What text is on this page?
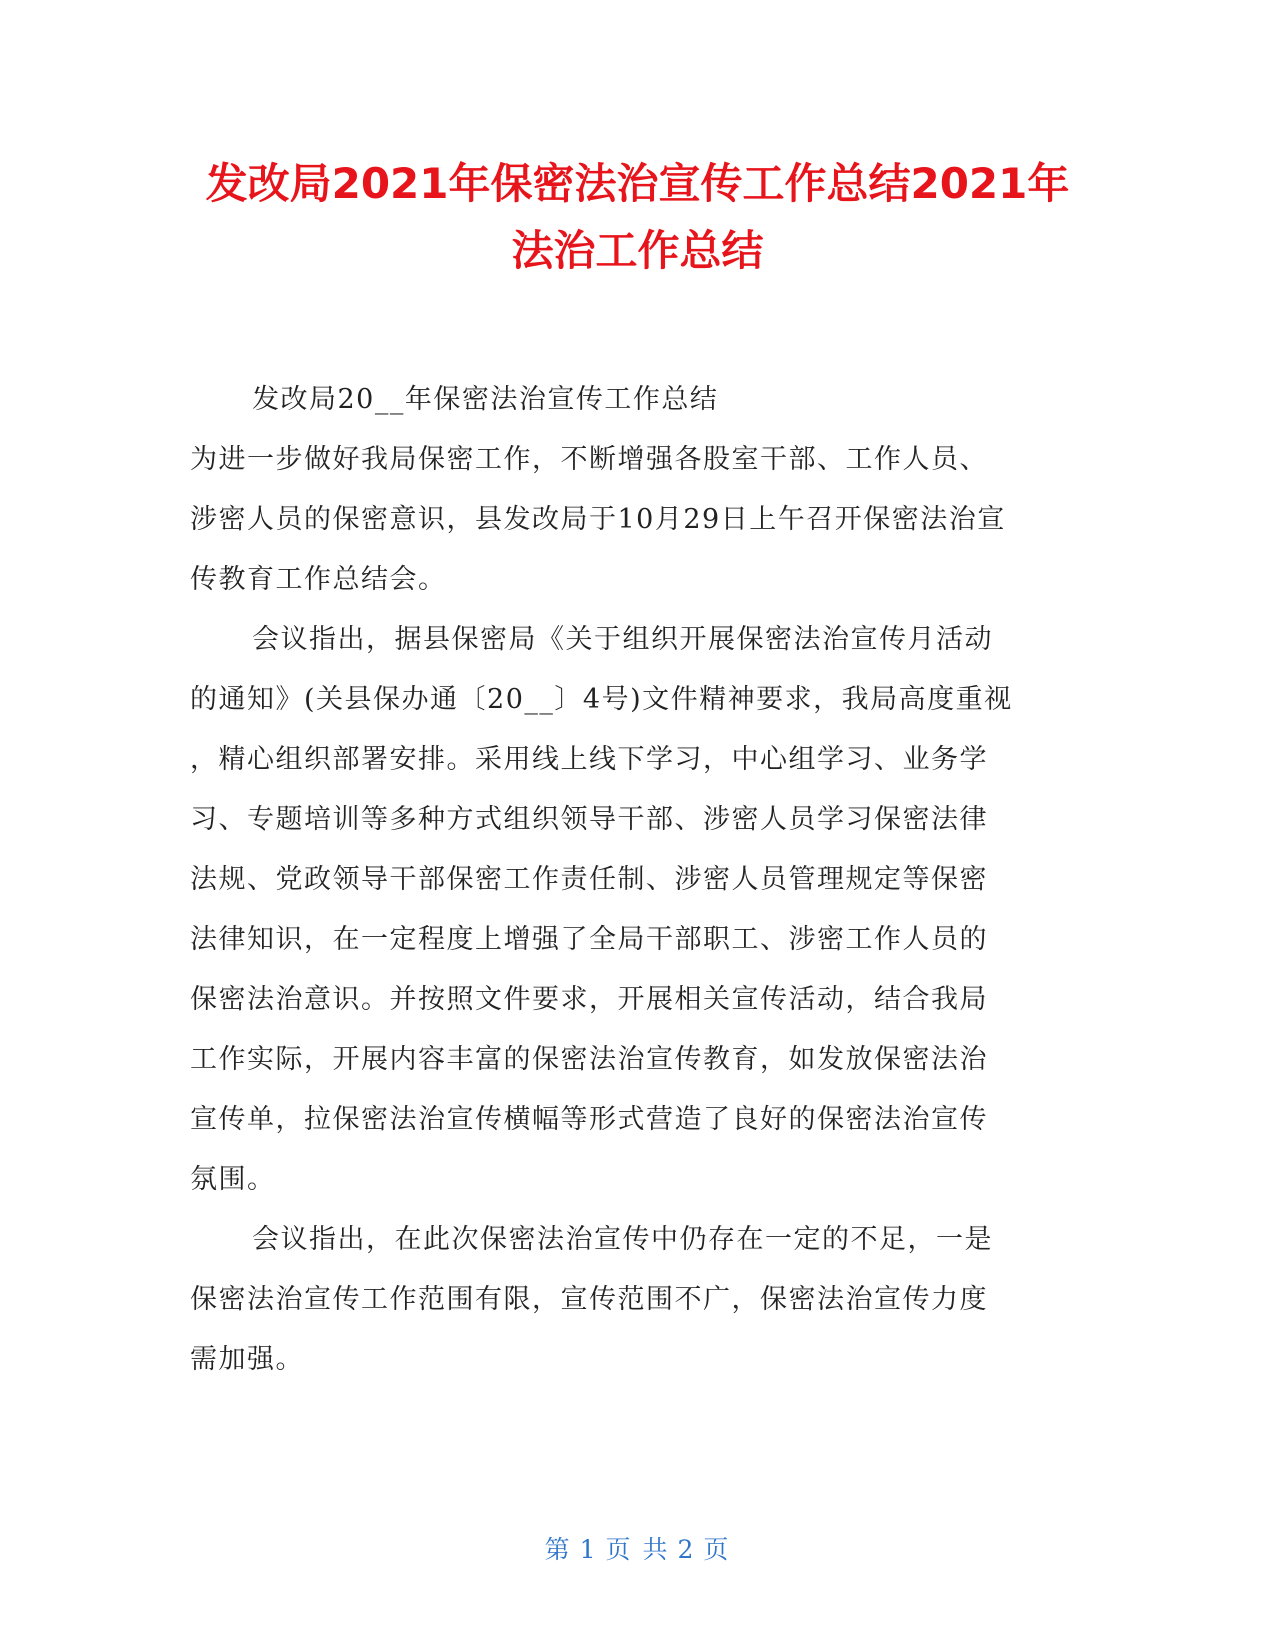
发改局2021年保密法治宣传工作总结2021年
法治工作总结
发改局20__年保密法治宣传工作总结
为进一步做好我局保密工作，不断增强各股室干部、工作人员、
涉密人员的保密意识，县发改局于10月29日上午召开保密法治宣
传教育工作总结会。
会议指出，据县保密局《关于组织开展保密法治宣传月活动
的通知》(关县保办通〔20__〕4号)文件精神要求，我局高度重视
，精心组织部署安排。采用线上线下学习，中心组学习、业务学
习、专题培训等多种方式组织领导干部、涉密人员学习保密法律
法规、党政领导干部保密工作责任制、涉密人员管理规定等保密
法律知识，在一定程度上增强了全局干部职工、涉密工作人员的
保密法治意识。并按照文件要求，开展相关宣传活动，结合我局
工作实际，开展内容丰富的保密法治宣传教育，如发放保密法治
宣传单，拉保密法治宣传横幅等形式营造了良好的保密法治宣传
氛围。
会议指出，在此次保密法治宣传中仍存在一定的不足，一是
保密法治宣传工作范围有限，宣传范围不广，保密法治宣传力度
需加强。
第 1 页 共 2 页
